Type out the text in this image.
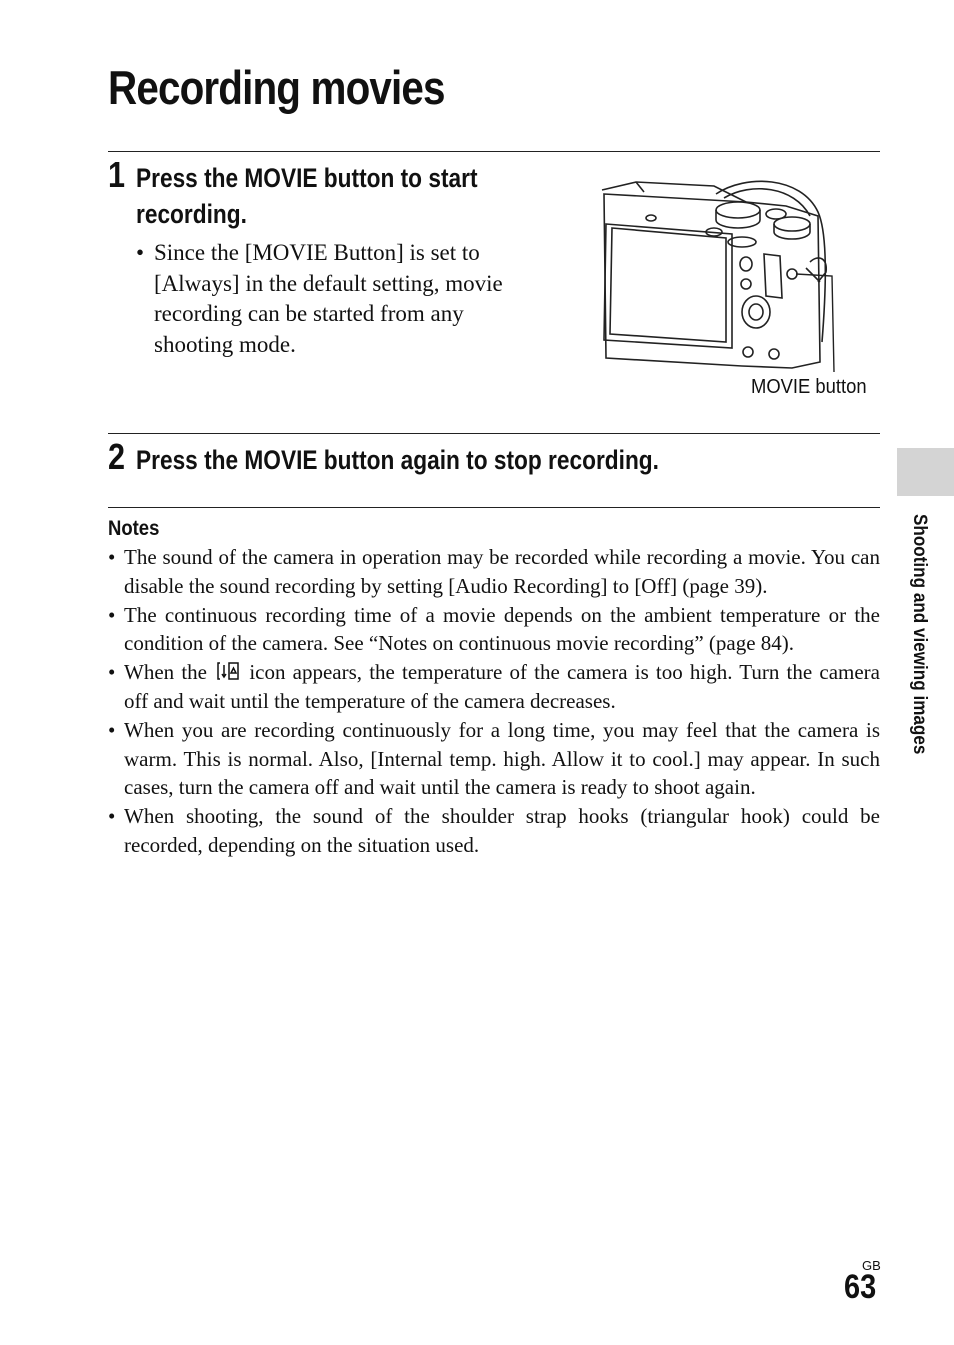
Recording movies
1 Press the MOVIE button to start
recording.
• Since the [MOVIE Button] is set to [Always] in the default setting, movie recording can be started from any shooting mode.
MOVIE button
2 Press the MOVIE button again to stop recording.
Notes
• The sound of the camera in operation may be recorded while recording a movie. You can disable the sound recording by setting [Audio Recording] to [Off] (page 39).
• The continuous recording time of a movie depends on the ambient temperature or the condition of the camera. See “Notes on continuous movie recording” (page 84).
• When the icon appears, the temperature of the camera is too high. Turn the camera off and wait until the temperature of the camera decreases.
• When you are recording continuously for a long time, you may feel that the camera is warm. This is normal. Also, [Internal temp. high. Allow it to cool.] may appear. In such cases, turn the camera off and wait until the camera is ready to shoot again.
• When shooting, the sound of the shoulder strap hooks (triangular hook) could be recorded, depending on the situation used.
Shooting and viewing images
GB
63
